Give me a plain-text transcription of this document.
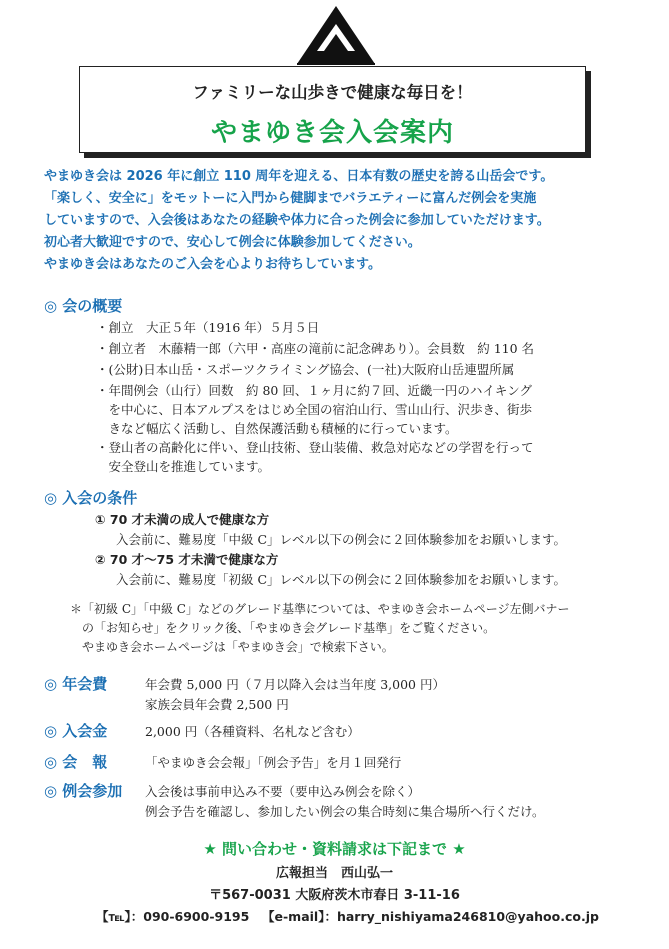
ファミリーな山歩きで健康な毎日を！
やまゆき会入会案内
やまゆき会は 2026 年に創立 110 周年を迎える、日本有数の歴史を誇る山岳会です。
「楽しく、安全に」をモットーに入門から健脚までバラエティーに富んだ例会を実施
していますので、入会後はあなたの経験や体力に合った例会に参加していただけます。
初心者大歓迎ですので、安心して例会に体験参加してください。
やまゆき会はあなたのご入会を心よりお待ちしています。
◎ 会の概要
・創立　大正５年（1916 年）５月５日
・創立者　木藤精一郎（六甲・高座の滝前に記念碑あり）。会員数　約 110 名
・(公財)日本山岳・スポーツクライミング協会、(一社)大阪府山岳連盟所属
・年間例会（山行）回数　約 80 回、１ヶ月に約７回、近畿一円のハイキング
　を中心に、日本アルプスをはじめ全国の宿泊山行、雪山山行、沢歩き、街歩
　きなど幅広く活動し、自然保護活動も積極的に行っています。
・登山者の高齢化に伴い、登山技術、登山装備、救急対応などの学習を行って
　安全登山を推進しています。
◎ 入会の条件
① 70 才未満の成人で健康な方
入会前に、難易度「中級 C」レベル以下の例会に２回体験参加をお願いします。
② 70 才～75 才未満で健康な方
入会前に、難易度「初級 C」レベル以下の例会に２回体験参加をお願いします。
＊「初級 C」「中級 C」などのグレード基準については、やまゆき会ホームページ左側バナー
　の「お知らせ」をクリック後、「やまゆき会グレード基準」をご覧ください。
　やまゆき会ホームページは「やまゆき会」で検索下さい。
◎ 年会費	年会費 5,000 円（７月以降入会は当年度 3,000 円）
家族会員年会費 2,500 円
◎ 入会金	2,000 円（各種資料、名札など含む）
◎ 会　報	「やまゆき会会報」「例会予告」を月１回発行
◎ 例会参加 入会後は事前申込み不要（要申込み例会を除く）
例会予告を確認し、参加したい例会の集合時刻に集合場所へ行くだけ。
★ 問い合わせ・資料請求は下記まで ★
広報担当　西山弘一
〒567-0031 大阪府茨木市春日 3-11-16
【℡】：090-6900-9195 【e-mail】：harry_nishiyama246810@yahoo.co.jp
